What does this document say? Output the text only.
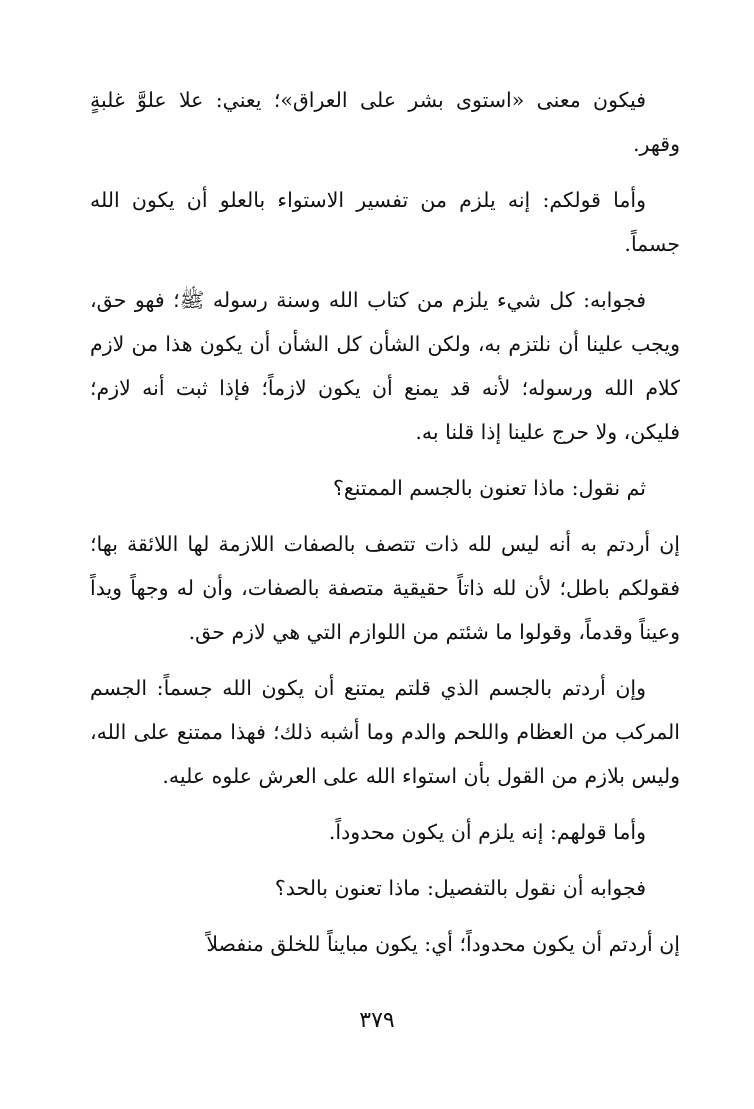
فيكون معنى «استوى بشر على العراق»؛ يعني: علا علوَّ غلبةٍ وقهر.

وأما قولكم: إنه يلزم من تفسير الاستواء بالعلو أن يكون الله جسماً.

فجوابه: كل شيء يلزم من كتاب الله وسنة رسوله ﷺ؛ فهو حق، ويجب علينا أن نلتزم به، ولكن الشأن كل الشأن أن يكون هذا من لازم كلام الله ورسوله؛ لأنه قد يمنع أن يكون لازماً؛ فإذا ثبت أنه لازم؛ فليكن، ولا حرج علينا إذا قلنا به.

ثم نقول: ماذا تعنون بالجسم الممتنع؟

إن أردتم به أنه ليس لله ذات تتصف بالصفات اللازمة لها اللائقة بها؛ فقولكم باطل؛ لأن لله ذاتاً حقيقية متصفة بالصفات، وأن له وجهاً ويداً وعيناً وقدماً، وقولوا ما شئتم من اللوازم التي هي لازم حق.

وإن أردتم بالجسم الذي قلتم يمتنع أن يكون الله جسماً: الجسم المركب من العظام واللحم والدم وما أشبه ذلك؛ فهذا ممتنع على الله، وليس بلازم من القول بأن استواء الله على العرش علوه عليه.

وأما قولهم: إنه يلزم أن يكون محدوداً.

فجوابه أن نقول بالتفصيل: ماذا تعنون بالحد؟

إن أردتم أن يكون محدوداً؛ أي: يكون مبايناً للخلق منفصلاً

٣٧٩
